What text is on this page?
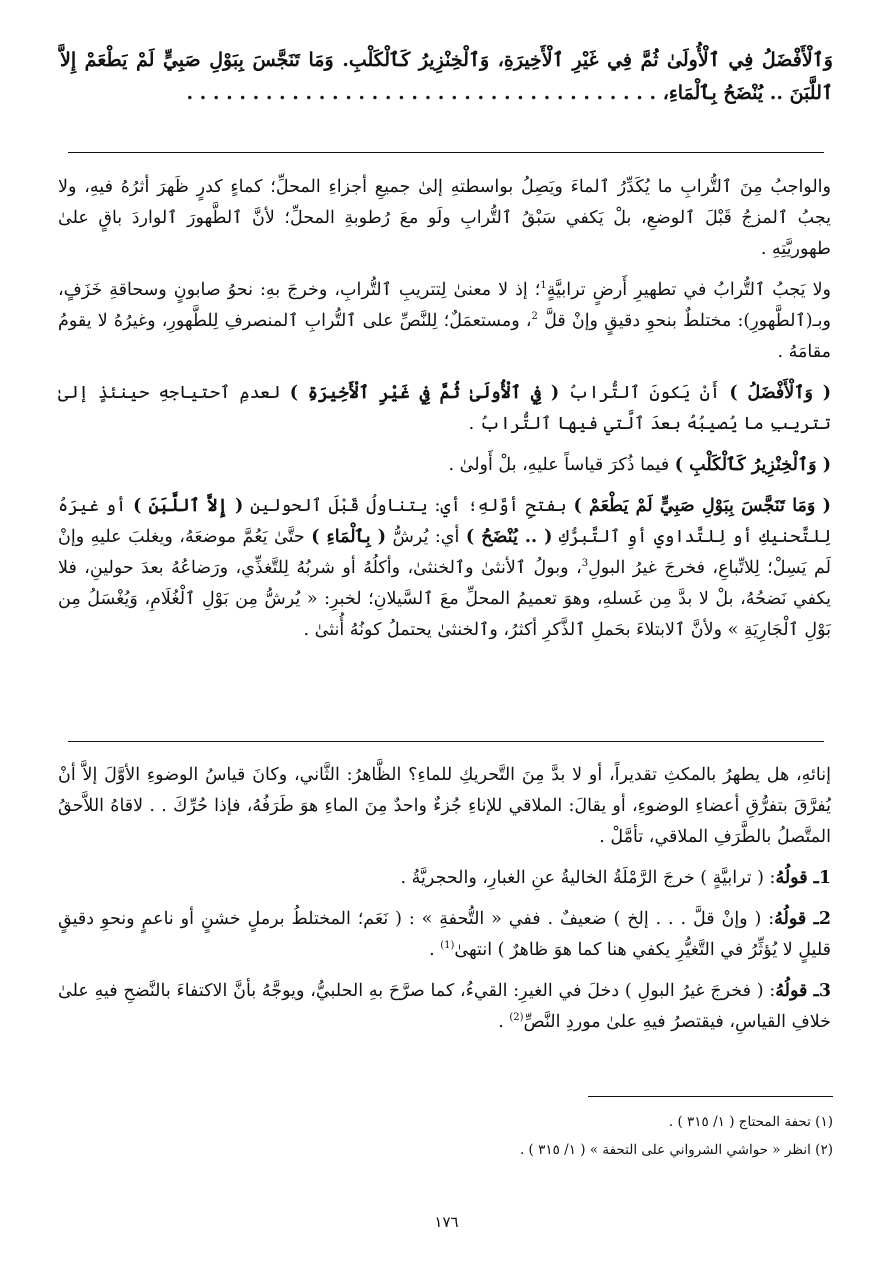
وَٱلْأَفْضَلُ فِي ٱلْأُولَىٰ ثُمَّ فِي غَيْرِ ٱلْأَخِيرَةِ، وَٱلْخِنْزِيرُ كَٱلْكَلْبِ. وَمَا تَنَجَّسَ بِبَوْلِ صَبِيٍّ لَمْ يَطْعَمْ إِلاَّ ٱللَّبَنَ .. يُنْضَحُ بِٱلْمَاءِ، . . . . . . . . . . . . . . . . . . . . . . . . . . . . . . . . . . . .

والواجبُ مِنَ ٱلتُّرابِ ما يُكَدِّرُ ٱلماءَ ويَصِلُ بواسطتهِ إلىٰ جميعِ أجزاءِ المحلِّ؛ كماءٍ كدرٍ ظَهرَ أثرُهُ فيهِ، ولا يجبُ ٱلمزجُ قَبْلَ ٱلوضعِ، بلْ يَكفي سَبْقُ ٱلتُّرابِ ولَو معَ رُطوبةِ المحلِّ؛ لأنَّ ٱلطَّهورَ ٱلواردَ باقٍ علىٰ طهوريَّتِهِ .

ولا يَجبُ ٱلتُّرابُ في تطهيرِ أَرضٍ ترابيَّةٍ$^1$؛ إذ لا معنىٰ لِتتريبِ ٱلتُّرابِ، وخرجَ بهِ: نحوُ صابونٍ وسحاقةِ خَزَفٍ، وبـ(ٱلطَّهورِ): مختلطٌ بنحوِ دقيقٍ وإنْ قلَّ $^2$، ومستعمَلٌ؛ لِلنَّصِّ على ٱلتُّرابِ ٱلمنصرفِ لِلطَّهورِ، وغيرُهُ لا يقومُ مقامَهُ .

( وَٱلْأَفْضَلُ ) أَنْ يَكونَ ٱلتُّرابُ ( فِي ٱلْأُولَىٰ ثُمَّ فِي غَيْرِ ٱلْأَخِيرَةِ ) لعدمِ ٱحتياجهِ حينئذٍ إلىٰ تتريبِ ما يُصيبُهُ بعدَ ٱلَّتي فيها ٱلتُّرابُ .

( وَٱلْخِنْزِيرُ كَٱلْكَلْبِ ) فيما ذُكرَ قياساً عليهِ، بلْ أَولىٰ .

( وَمَا تَنَجَّسَ بِبَوْلِ صَبِيٍّ لَمْ يَطْعَمْ ) بفتحِ أوَّلهِ؛ أي: يتناولُ قَبْلَ ٱلحولينِ ( إِلاَّ ٱللَّبَنَ ) أو غيرَهُ لِلتَّحنيكِ أو لِلتَّداوي أوِ ٱلتَّبرُّكِ ( .. يُنْضَحُ ) أي: يُرشُّ ( بِٱلْمَاءِ ) حتَّىٰ يَعُمَّ موضعَهُ، ويغلبَ عليهِ وإنْ لَم يَسِلْ؛ لِلاتِّباعِ، فخرجَ غيرُ البولِ$^3$، وبولُ ٱلأنثىٰ وٱلخنثىٰ، وأكلُهُ أو شربُهُ لِلتَّغذِّي، ورَضاعُهُ بعدَ حولينِ، فلا يكفي نَضحُهُ، بلْ لا بدَّ مِن غَسلهِ، وهوَ تعميمُ المحلِّ معَ ٱلسَّيلانِ؛ لخبرِ: « يُرشُّ مِن بَوْلِ ٱلْغُلَامِ، وَيُغْسَلُ مِن بَوْلِ ٱلْجَارِيَةِ » ولأنَّ ٱلابتلاءَ بحَملِ ٱلذَّكرِ أكثرُ، وٱلخنثىٰ يحتملُ كونُهُ أُنثىٰ .

إنائهِ، هل يطهرُ بالمكثِ تقديراً، أو لا بدَّ مِنَ التَّحريكِ للماءِ؟ الظَّاهرُ: الثَّاني، وكانَ قياسُ الوضوءِ الأوَّلَ إلاَّ أنْ يُفرَّقَ بتفرُّقِ أعضاءِ الوضوءِ، أو يقالَ: الملاقي للإناءِ جُزءٌ واحدٌ مِنَ الماءِ هوَ طَرَفُهُ، فإذا حُرِّكَ . . لاقاهُ اللاَّحقُ المتَّصلُ بالطَّرَفِ الملاقي، تأمَّلْ .

1ـ قولُهُ: ( ترابيَّةٍ ) خرجَ الرَّمْلَةُ الخاليةُ عنِ الغبارِ، والحجريَّةُ .

2ـ قولُهُ: ( وإنْ قلَّ . . . إلخ ) ضعيفٌ . ففي « التُّحفةِ » : ( نَعَم؛ المختلطُ برملٍ خشنٍ أو ناعمٍ ونحوِ دقيقٍ قليلٍ لا يُؤثِّرُ في التَّغيُّرِ يكفي هنا كما هوَ ظاهرٌ ) انتهىٰ$^{(1)}$ .

3ـ قولُهُ: ( فخرجَ غيرُ البولِ ) دخلَ في الغيرِ: القيءُ، كما صرَّحَ بهِ الحلبيُّ، ويوجَّهُ بأنَّ الاكتفاءَ بالنَّضحِ فيهِ علىٰ خلافِ القياسِ، فيقتصرُ فيهِ علىٰ موردِ النَّصِّ$^{(2)}$ .

(١) تحفة المحتاج ( ١/ ٣١٥ ) .
(٢) انظر « حواشي الشرواني على التحفة » ( ١/ ٣١٥ ) .
١٧٦
